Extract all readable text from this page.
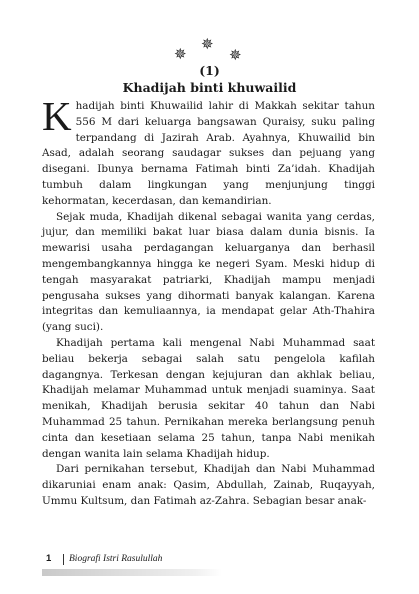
✵
✵
✵
(1)
Khadijah binti khuwailid

Khadijah binti Khuwailid lahir di Makkah sekitar tahun 556 M dari keluarga bangsawan Quraisy, suku paling terpandang di Jazirah Arab. Ayahnya, Khuwailid bin Asad, adalah seorang saudagar sukses dan pejuang yang disegani. Ibunya bernama Fatimah binti Za’idah. Khadijah tumbuh dalam lingkungan yang menjunjung tinggi kehormatan, kecerdasan, dan kemandirian.

Sejak muda, Khadijah dikenal sebagai wanita yang cerdas, jujur, dan memiliki bakat luar biasa dalam dunia bisnis. Ia mewarisi usaha perdagangan keluarganya dan berhasil mengembangkannya hingga ke negeri Syam. Meski hidup di tengah masyarakat patriarki, Khadijah mampu menjadi pengusaha sukses yang dihormati banyak kalangan. Karena integritas dan kemuliaannya, ia mendapat gelar Ath-Thahira (yang suci).

Khadijah pertama kali mengenal Nabi Muhammad saat beliau bekerja sebagai salah satu pengelola kafilah dagangnya. Terkesan dengan kejujuran dan akhlak beliau, Khadijah melamar Muhammad untuk menjadi suaminya. Saat menikah, Khadijah berusia sekitar 40 tahun dan Nabi Muhammad 25 tahun. Pernikahan mereka berlangsung penuh cinta dan kesetiaan selama 25 tahun, tanpa Nabi menikah dengan wanita lain selama Khadijah hidup.

Dari pernikahan tersebut, Khadijah dan Nabi Muhammad dikaruniai enam anak: Qasim, Abdullah, Zainab, Ruqayyah, Ummu Kultsum, dan Fatimah az-Zahra. Sebagian besar anak-

1 Biografi Istri Rasulullah
